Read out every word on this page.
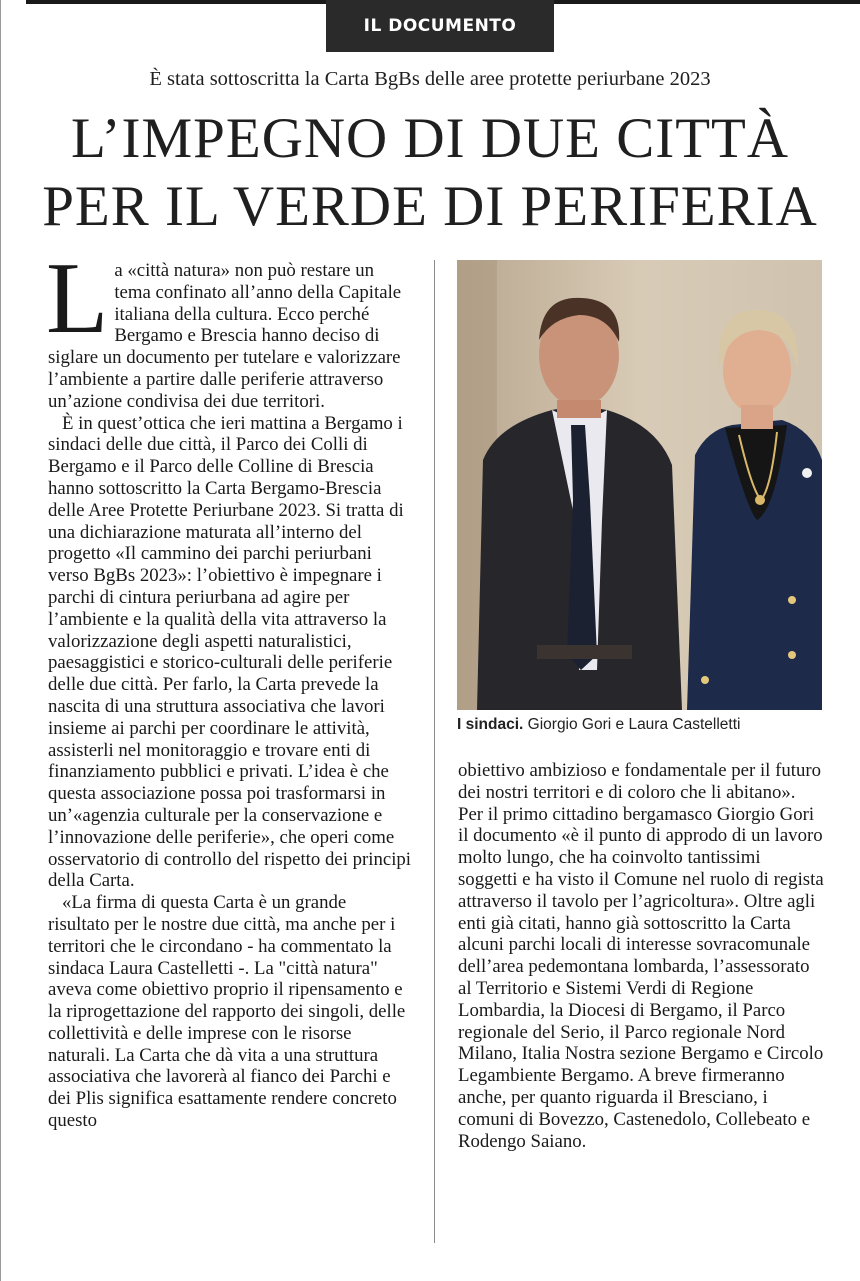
IL DOCUMENTO
È stata sottoscritta la Carta BgBs delle aree protette periurbane 2023
L’IMPEGNO DI DUE CITTÀ
PER IL VERDE DI PERIFERIA

La «città natura» non può restare un tema confinato all’anno della Capitale italiana della cultura. Ecco perché Bergamo e Brescia hanno deciso di siglare un documento per tutelare e valorizzare l’ambiente a partire dalle periferie attraverso un’azione condivisa dei due territori.

È in quest’ottica che ieri mattina a Bergamo i sindaci delle due città, il Parco dei Colli di Bergamo e il Parco delle Colline di Brescia hanno sottoscritto la Carta Bergamo-Brescia delle Aree Protette Periurbane 2023. Si tratta di una dichiarazione maturata all’interno del progetto «Il cammino dei parchi periurbani verso BgBs 2023»: l’obiettivo è impegnare i parchi di cintura periurbana ad agire per l’ambiente e la qualità della vita attraverso la valorizzazione degli aspetti naturalistici, paesaggistici e storico-culturali delle periferie delle due città. Per farlo, la Carta prevede la nascita di una struttura associativa che lavori insieme ai parchi per coordinare le attività, assisterli nel monitoraggio e trovare enti di finanziamento pubblici e privati. L’idea è che questa associazione possa poi trasformarsi in un’«agenzia culturale per la conservazione e l’innovazione delle periferie», che operi come osservatorio di controllo del rispetto dei principi della Carta.

«La firma di questa Carta è un grande risultato per le nostre due città, ma anche per i territori che le circondano - ha commentato la sindaca Laura Castelletti -. La "città natura" aveva come obiettivo proprio il ripensamento e la riprogettazione del rapporto dei singoli, delle collettività e delle imprese con le risorse naturali. La Carta che dà vita a una struttura associativa che lavorerà al fianco dei Parchi e dei Plis significa esattamente rendere concreto questo

I sindaci. Giorgio Gori e Laura Castelletti

obiettivo ambizioso e fondamentale per il futuro dei nostri territori e di coloro che li abitano». Per il primo cittadino bergamasco Giorgio Gori il documento «è il punto di approdo di un lavoro molto lungo, che ha coinvolto tantissimi soggetti e ha visto il Comune nel ruolo di regista attraverso il tavolo per l’agricoltura». Oltre agli enti già citati, hanno già sottoscritto la Carta alcuni parchi locali di interesse sovracomunale dell’area pedemontana lombarda, l’assessorato al Territorio e Sistemi Verdi di Regione Lombardia, la Diocesi di Bergamo, il Parco regionale del Serio, il Parco regionale Nord Milano, Italia Nostra sezione Bergamo e Circolo Legambiente Bergamo. A breve firmeranno anche, per quanto riguarda il Bresciano, i comuni di Bovezzo, Castenedolo, Collebeato e Rodengo Saiano.
